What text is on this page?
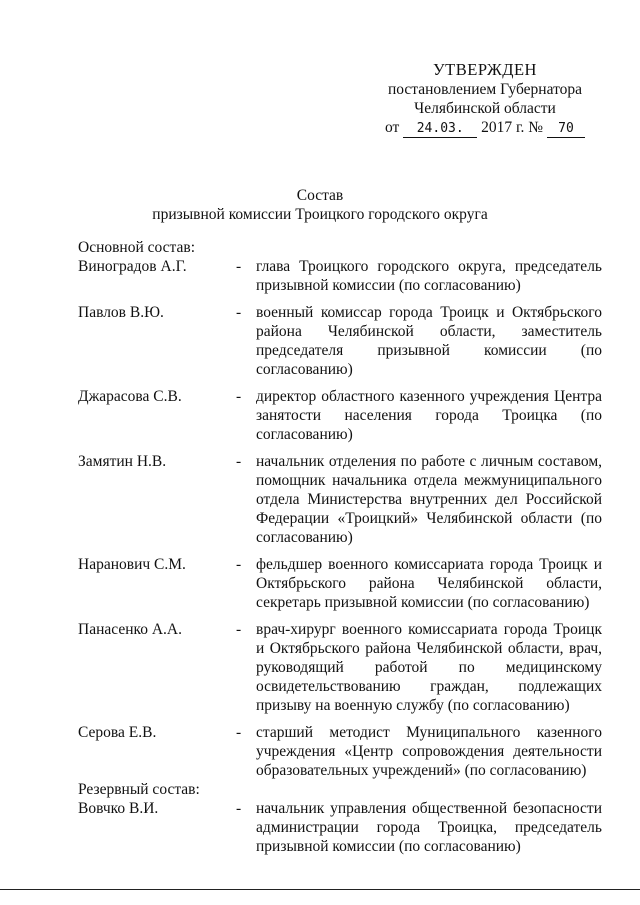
УТВЕРЖДЕН
постановлением Губернатора
Челябинской области
от 24.03. 2017 г. № 70
Состав
призывной комиссии Троицкого городского округа
Основной состав:
Виноградов А.Г.	- глава Троицкого городского округа, председатель призывной комиссии (по согласованию)
Павлов В.Ю.	- военный комиссар города Троицк и Октябрьского района Челябинской области, заместитель председателя призывной комиссии (по согласованию)
Джарасова С.В.	- директор областного казенного учреждения Центра занятости населения города Троицка (по согласованию)
Замятин Н.В.	- начальник отделения по работе с личным составом, помощник начальника отдела межмуниципального отдела Министерства внутренних дел Российской Федерации «Троицкий» Челябинской области (по согласованию)
Наранович С.М.	- фельдшер военного комиссариата города Троицк и Октябрьского района Челябинской области, секретарь призывной комиссии (по согласованию)
Панасенко А.А.	- врач-хирург военного комиссариата города Троицк и Октябрьского района Челябинской области, врач, руководящий работой по медицинскому освидетельствованию граждан, подлежащих призыву на военную службу (по согласованию)
Серова Е.В.	- старший методист Муниципального казенного учреждения «Центр сопровождения деятельности образовательных учреждений» (по согласованию)
Резервный состав:
Вовчко В.И.	- начальник управления общественной безопасности администрации города Троицка, председатель призывной комиссии (по согласованию)
